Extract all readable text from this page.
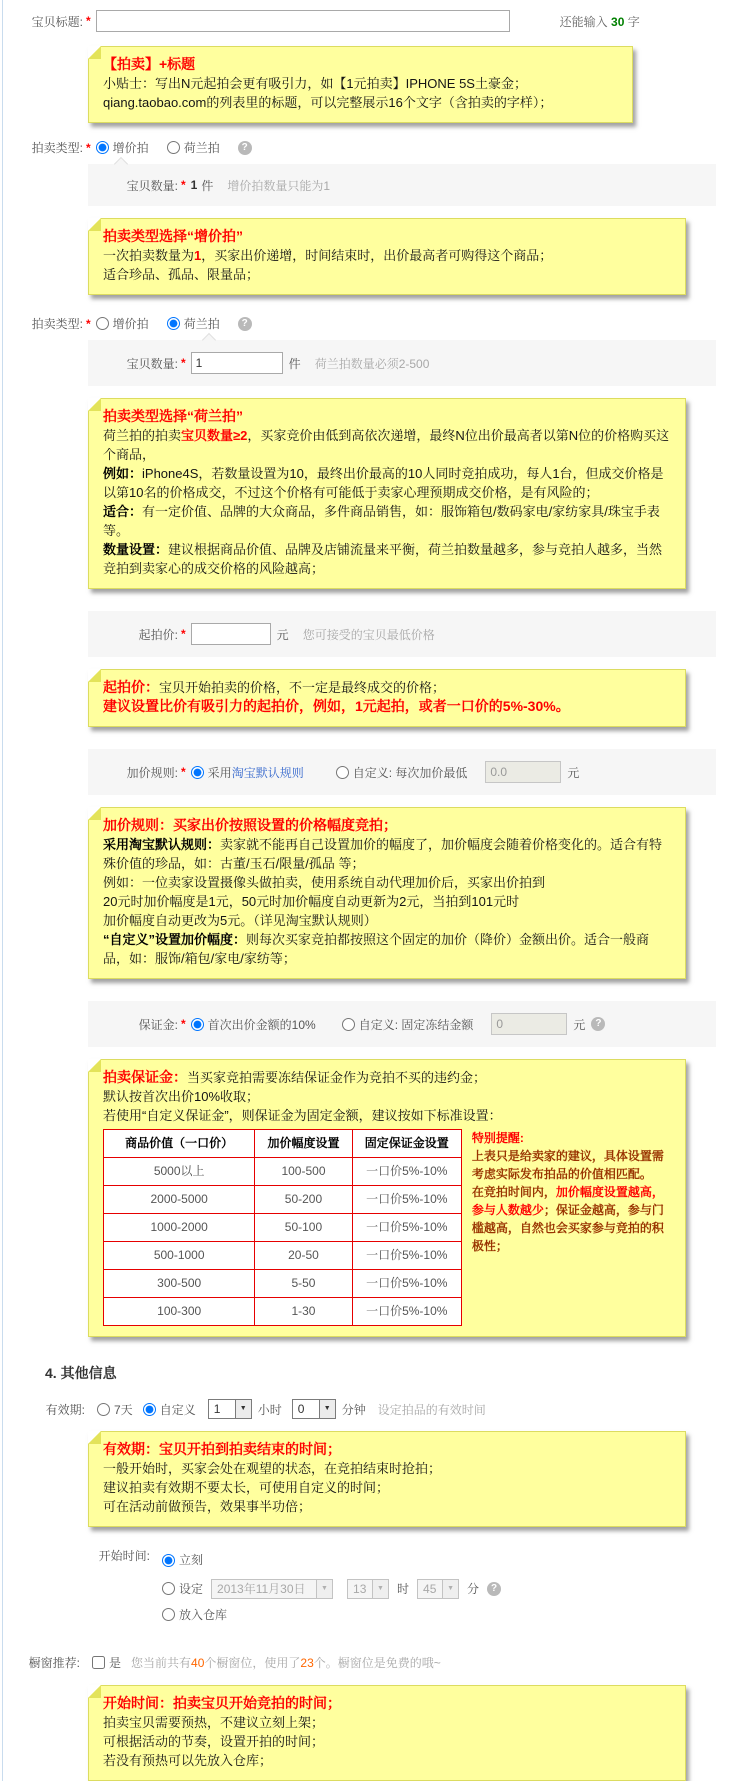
宝贝标题: *	还能输入 30 字
【拍卖】+标题
小贴士：写出N元起拍会更有吸引力，如【1元拍卖】IPHONE 5S土豪金；
qiang.taobao.com的列表里的标题，可以完整展示16个文字（含拍卖的字样）；
拍卖类型: * 增价拍	荷兰拍	?
宝贝数量: * 1 件 增价拍数量只能为1
拍卖类型选择“增价拍”
一次拍卖数量为1，买家出价递增，时间结束时，出价最高者可购得这个商品；
适合珍品、孤品、限量品；
拍卖类型: * 增价拍	荷兰拍	?
宝贝数量: *
1	件 荷兰拍数量必须2-500
拍卖类型选择“荷兰拍”
荷兰拍的拍卖宝贝数量≥2，买家竞价由低到高依次递增，最终N位出价最高者以第N位的价格购买这个商品，
例如：iPhone4S，若数量设置为10，最终出价最高的10人同时竞拍成功，每人1台，但成交价格是以第10名的价格成交，不过这个价格有可能低于卖家心理预期成交价格，是有风险的；
适合：有一定价值、品牌的大众商品，多件商品销售，如：服饰箱包/数码家电/家纺家具/珠宝手表等。
数量设置：建议根据商品价值、品牌及店铺流量来平衡，荷兰拍数量越多，参与竞拍人越多，当然竞拍到卖家心的成交价格的风险越高；
起拍价: *	元 您可接受的宝贝最低价格
起拍价：宝贝开始拍卖的价格，不一定是最终成交的价格；
建议设置比价有吸引力的起拍价，例如，1元起拍，或者一口价的5%-30%。
加价规则: * 采用 淘宝默认规则	自定义: 每次加价最低
0.0	元
加价规则：买家出价按照设置的价格幅度竞拍；
采用淘宝默认规则：卖家就不能再自己设置加价的幅度了，加价幅度会随着价格变化的。适合有特殊价值的珍品，如：古董/玉石/限量/孤品 等；
例如：一位卖家设置摄像头做拍卖，使用系统自动代理加价后，买家出价拍到
20元时加价幅度是1元，50元时加价幅度自动更新为2元，当拍到101元时
加价幅度自动更改为5元。（详见淘宝默认规则）
“自定义”设置加价幅度：则每次买家竞拍都按照这个固定的加价（降价）金额出价。适合一般商品，如：服饰/箱包/家电/家纺等；
保证金: * 首次出价金额的10%	自定义: 固定冻结金额
0	元 ?
拍卖保证金：当买家竞拍需要冻结保证金作为竞拍不买的违约金；
默认按首次出价10%收取；
若使用“自定义保证金”，则保证金为固定金额，建议按如下标准设置：
商品价值（一口价）	加价幅度设置	固定保证金设置
5000以上	100-500	一口价5%-10%
2000-5000	50-200	一口价5%-10%
1000-2000	50-100	一口价5%-10%
500-1000	20-50	一口价5%-10%
300-500	5-50	一口价5%-10%
100-300	1-30	一口价5%-10%
特别提醒:
上表只是给卖家的建议，具体设置需考虑实际发布拍品的价值相匹配。
在竞拍时间内，加价幅度设置越高，参与人数越少；保证金越高，参与门槛越高，自然也会买家参与竞拍的积极性；
4. 其他信息
有效期: 7天 自定义	1	▼ 小时	0	▼ 分钟 设定拍品的有效时间
有效期：宝贝开拍到拍卖结束的时间；
一般开始时，买家会处在观望的状态，在竞拍结束时抢拍；
建议拍卖有效期不要太长，可使用自定义的时间；
可在活动前做预告，效果事半功倍；
开始时间: 立刻
设定	2013年11月30日	▼	13	▼	时	45	▼	分	?
放入仓库
橱窗推荐: 是 您当前共有40个橱窗位，使用了23个。橱窗位是免费的哦~
开始时间：拍卖宝贝开始竞拍的时间；
拍卖宝贝需要预热，不建议立刻上架；
可根据活动的节奏，设置开拍的时间；
若没有预热可以先放入仓库；
